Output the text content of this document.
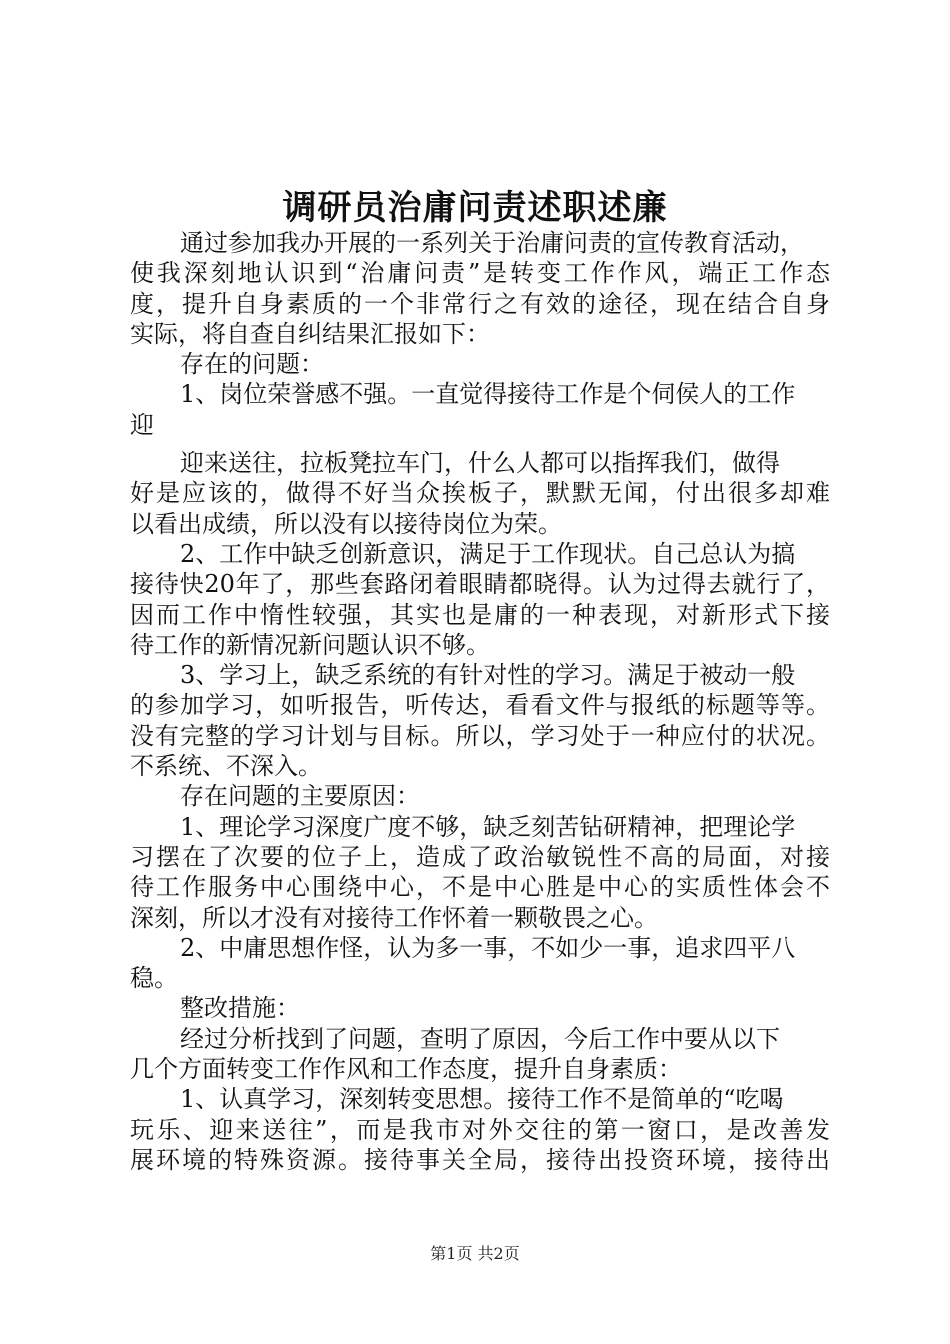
调研员治庸问责述职述廉
通过参加我办开展的一系列关于治庸问责的宣传教育活动，
使我深刻地认识到“治庸问责”是转变工作作风，端正工作态
度，提升自身素质的一个非常行之有效的途径，现在结合自身
实际，将自查自纠结果汇报如下：
存在的问题：
1、岗位荣誉感不强。一直觉得接待工作是个伺侯人的工作
迎
迎来送往，拉板凳拉车门，什么人都可以指挥我们，做得
好是应该的，做得不好当众挨板子，默默无闻，付出很多却难
以看出成绩，所以没有以接待岗位为荣。
2、工作中缺乏创新意识，满足于工作现状。自己总认为搞
接待快20年了，那些套路闭着眼睛都晓得。认为过得去就行了，
因而工作中惰性较强，其实也是庸的一种表现，对新形式下接
待工作的新情况新问题认识不够。
3、学习上，缺乏系统的有针对性的学习。满足于被动一般
的参加学习，如听报告，听传达，看看文件与报纸的标题等等。
没有完整的学习计划与目标。所以，学习处于一种应付的状况。
不系统、不深入。
存在问题的主要原因：
1、理论学习深度广度不够，缺乏刻苦钻研精神，把理论学
习摆在了次要的位子上，造成了政治敏锐性不高的局面，对接
待工作服务中心围绕中心，不是中心胜是中心的实质性体会不
深刻，所以才没有对接待工作怀着一颗敬畏之心。
2、中庸思想作怪，认为多一事，不如少一事，追求四平八
稳。
整改措施：
经过分析找到了问题，查明了原因，今后工作中要从以下
几个方面转变工作作风和工作态度，提升自身素质：
1、认真学习，深刻转变思想。接待工作不是简单的“吃喝
玩乐、迎来送往”，而是我市对外交往的第一窗口，是改善发
展环境的特殊资源。接待事关全局，接待出投资环境，接待出
第1页 共2页
